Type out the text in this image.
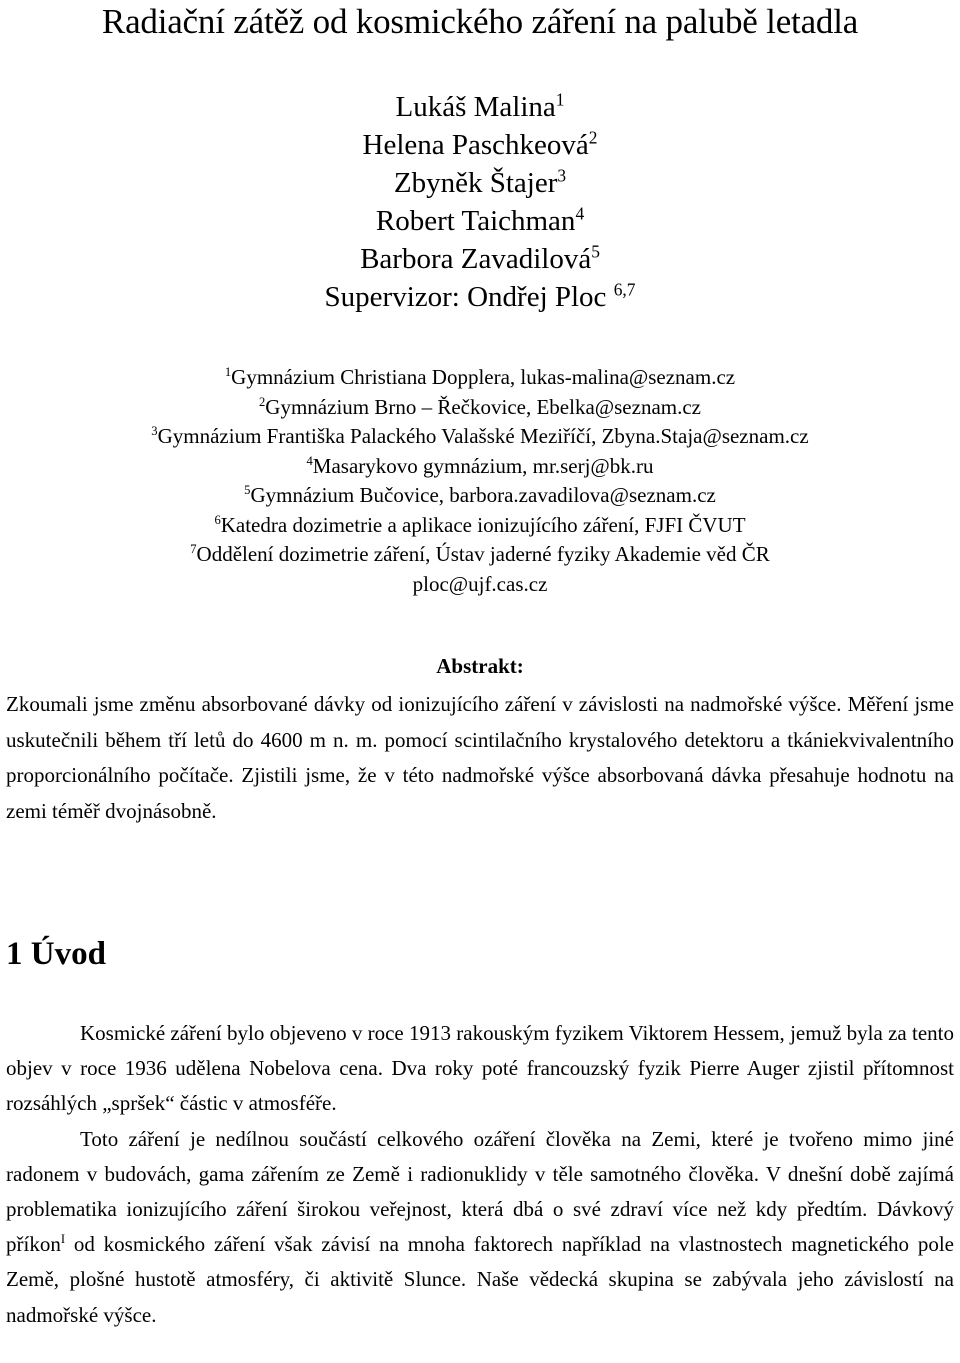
Radiační zátěž od kosmického záření na palubě letadla
Lukáš Malina$^1$
Helena Paschkeová$^2$
Zbyněk Štajer$^3$
Robert Taichman$^4$
Barbora Zavadilová$^5$
Supervizor: Ondřej Ploc $^{6,7}$
$^1$Gymnázium Christiana Dopplera, lukas-malina@seznam.cz
$^2$Gymnázium Brno – Řečkovice, Ebelka@seznam.cz
$^3$Gymnázium Františka Palackého Valašské Meziříčí, Zbyna.Staja@seznam.cz
$^4$Masarykovo gymnázium, mr.serj@bk.ru
$^5$Gymnázium Bučovice, barbora.zavadilova@seznam.cz
$^6$Katedra dozimetrie a aplikace ionizujícího záření, FJFI ČVUT
$^7$Oddělení dozimetrie záření, Ústav jaderné fyziky Akademie věd ČR
ploc@ujf.cas.cz
Abstrakt:

Zkoumali jsme změnu absorbované dávky od ionizujícího záření v závislosti na nadmořské výšce. Měření jsme uskutečnili během tří letů do 4600 m n. m. pomocí scintilačního krystalového detektoru a tkániekvivalentního proporcionálního počítače. Zjistili jsme, že v této nadmořské výšce absorbovaná dávka přesahuje hodnotu na zemi téměř dvojnásobně.

1 Úvod

Kosmické záření bylo objeveno v roce 1913 rakouským fyzikem Viktorem Hessem, jemuž byla za tento objev v roce 1936 udělena Nobelova cena. Dva roky poté francouzský fyzik Pierre Auger zjistil přítomnost rozsáhlých „spršek“ částic v atmosféře.

Toto záření je nedílnou součástí celkového ozáření člověka na Zemi, které je tvořeno mimo jiné radonem v budovách, gama zářením ze Země i radionuklidy v těle samotného člověka. V dnešní době zajímá problematika ionizujícího záření širokou veřejnost, která dbá o své zdraví více než kdy předtím. Dávkový příkon$^I$ od kosmického záření však závisí na mnoha faktorech například na vlastnostech magnetického pole Země, plošné hustotě atmosféry, či aktivitě Slunce. Naše vědecká skupina se zabývala jeho závislostí na nadmořské výšce.
